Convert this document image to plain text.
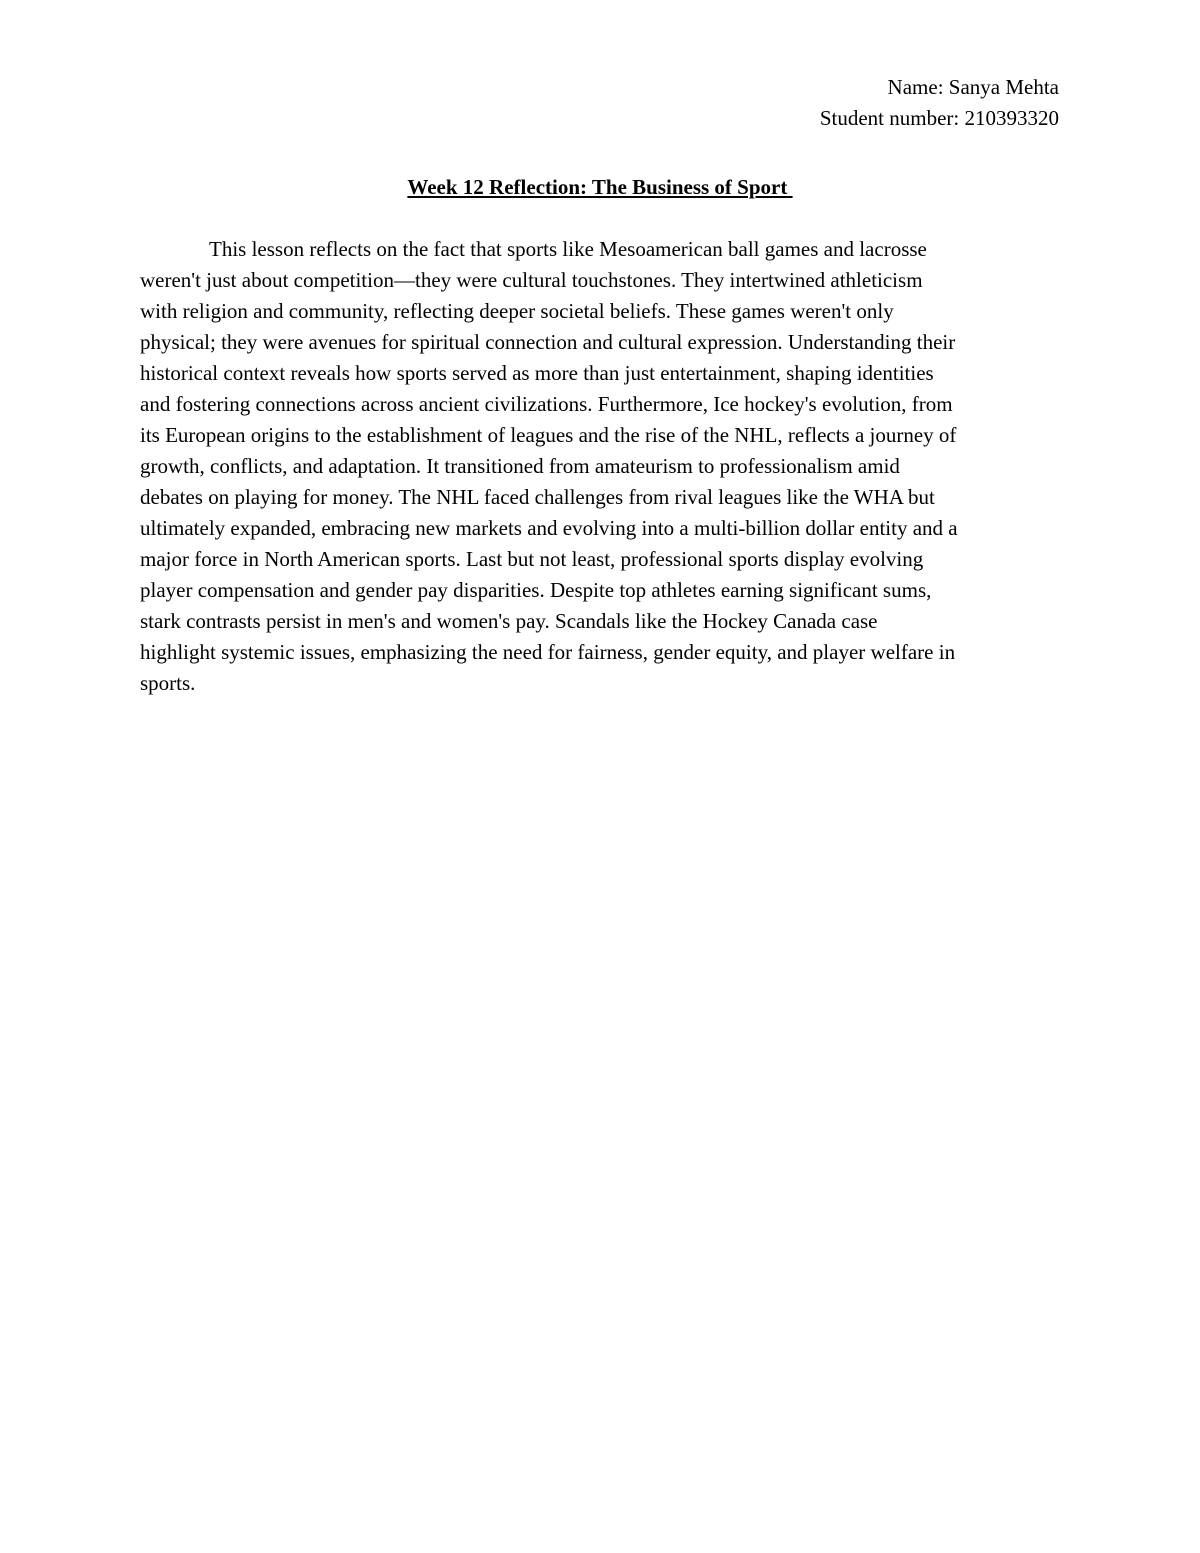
Name: Sanya Mehta
Student number: 210393320
Week 12 Reflection: The Business of Sport
This lesson reflects on the fact that sports like Mesoamerican ball games and lacrosse
weren't just about competition—they were cultural touchstones. They intertwined athleticism
with religion and community, reflecting deeper societal beliefs. These games weren't only
physical; they were avenues for spiritual connection and cultural expression. Understanding their
historical context reveals how sports served as more than just entertainment, shaping identities
and fostering connections across ancient civilizations. Furthermore, Ice hockey's evolution, from
its European origins to the establishment of leagues and the rise of the NHL, reflects a journey of
growth, conflicts, and adaptation. It transitioned from amateurism to professionalism amid
debates on playing for money. The NHL faced challenges from rival leagues like the WHA but
ultimately expanded, embracing new markets and evolving into a multi-billion dollar entity and a
major force in North American sports. Last but not least, professional sports display evolving
player compensation and gender pay disparities. Despite top athletes earning significant sums,
stark contrasts persist in men's and women's pay. Scandals like the Hockey Canada case
highlight systemic issues, emphasizing the need for fairness, gender equity, and player welfare in
sports.
